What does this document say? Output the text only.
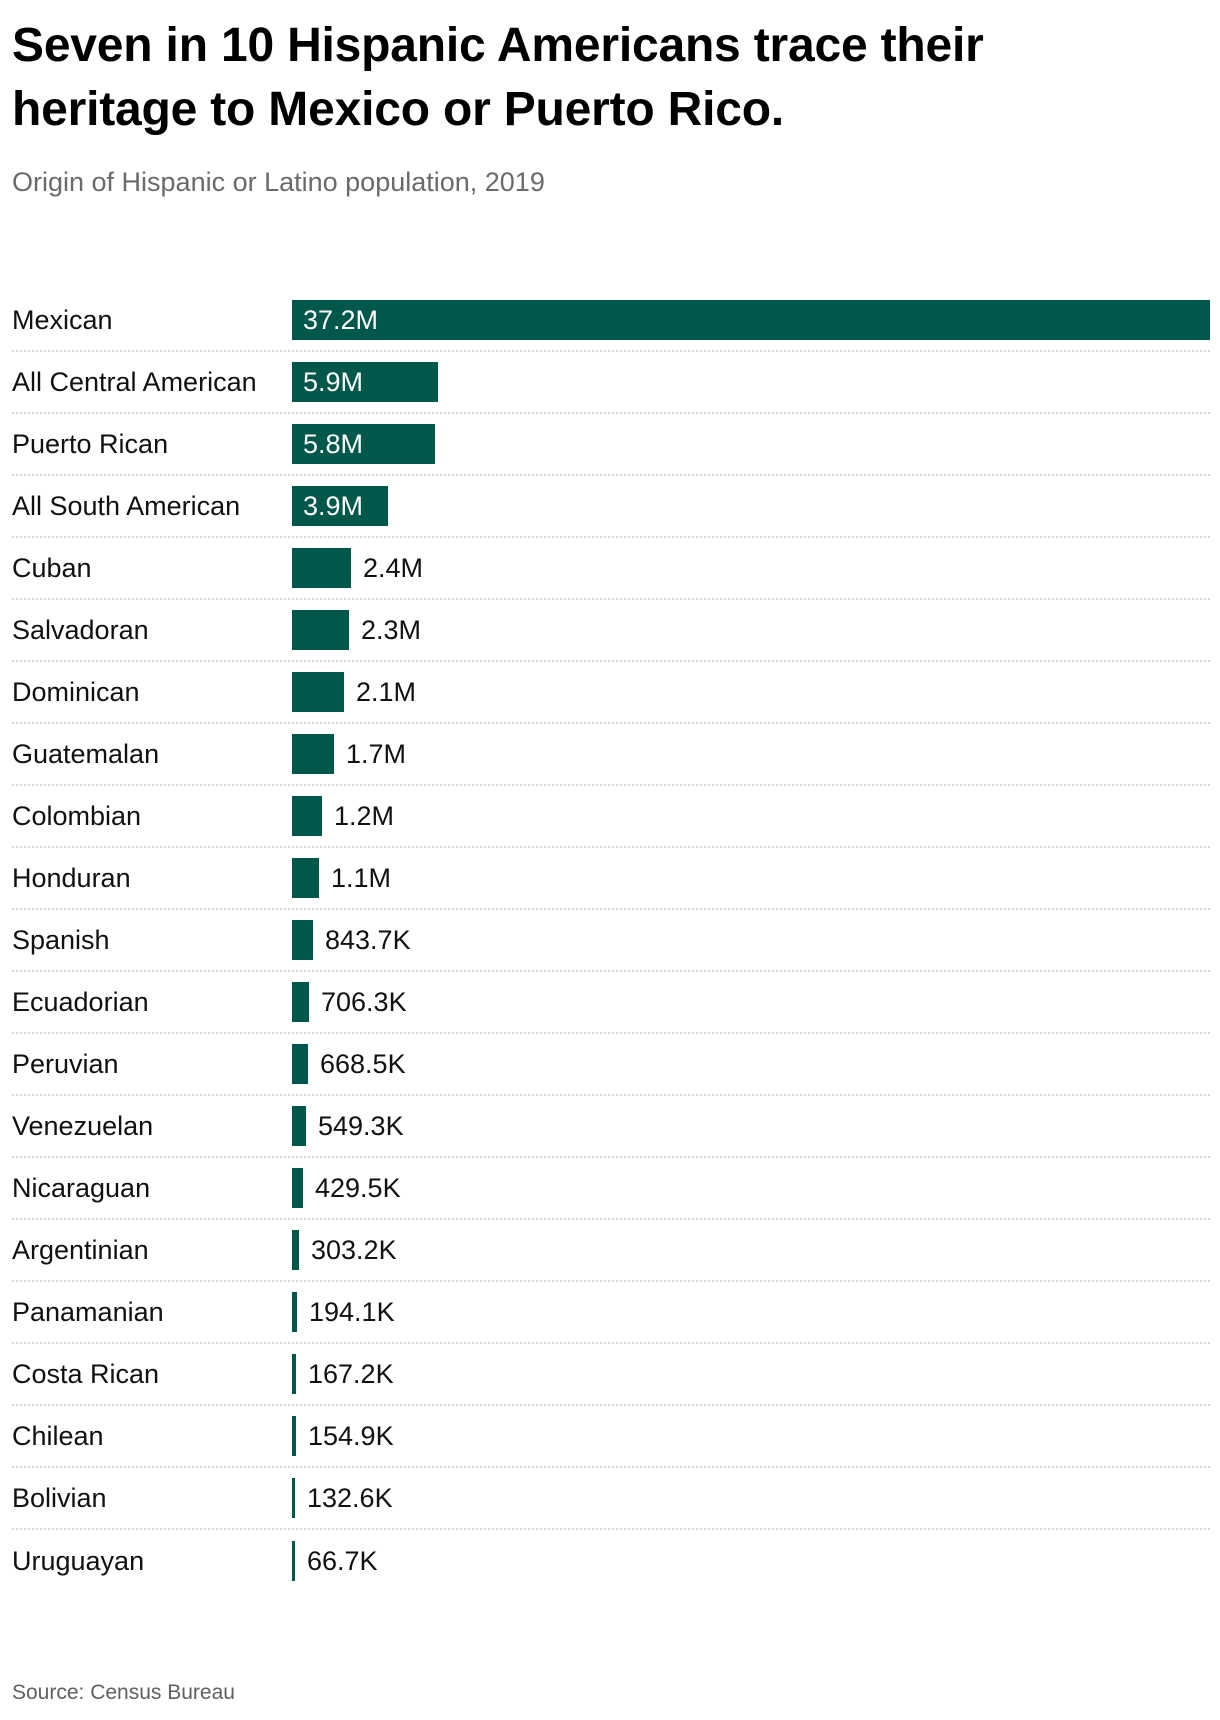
Seven in 10 Hispanic Americans trace their heritage to Mexico or Puerto Rico.

Origin of Hispanic or Latino population, 2019

Mexican	37.2M
All Central American	5.9M
Puerto Rican	5.8M
All South American	3.9M
Cuban	2.4M
Salvadoran	2.3M
Dominican	2.1M
Guatemalan	1.7M
Colombian	1.2M
Honduran	1.1M
Spanish	843.7K
Ecuadorian	706.3K
Peruvian	668.5K
Venezuelan	549.3K
Nicaraguan	429.5K
Argentinian	303.2K
Panamanian	194.1K
Costa Rican	167.2K
Chilean	154.9K
Bolivian	132.6K
Uruguayan	66.7K

Source: Census Bureau
